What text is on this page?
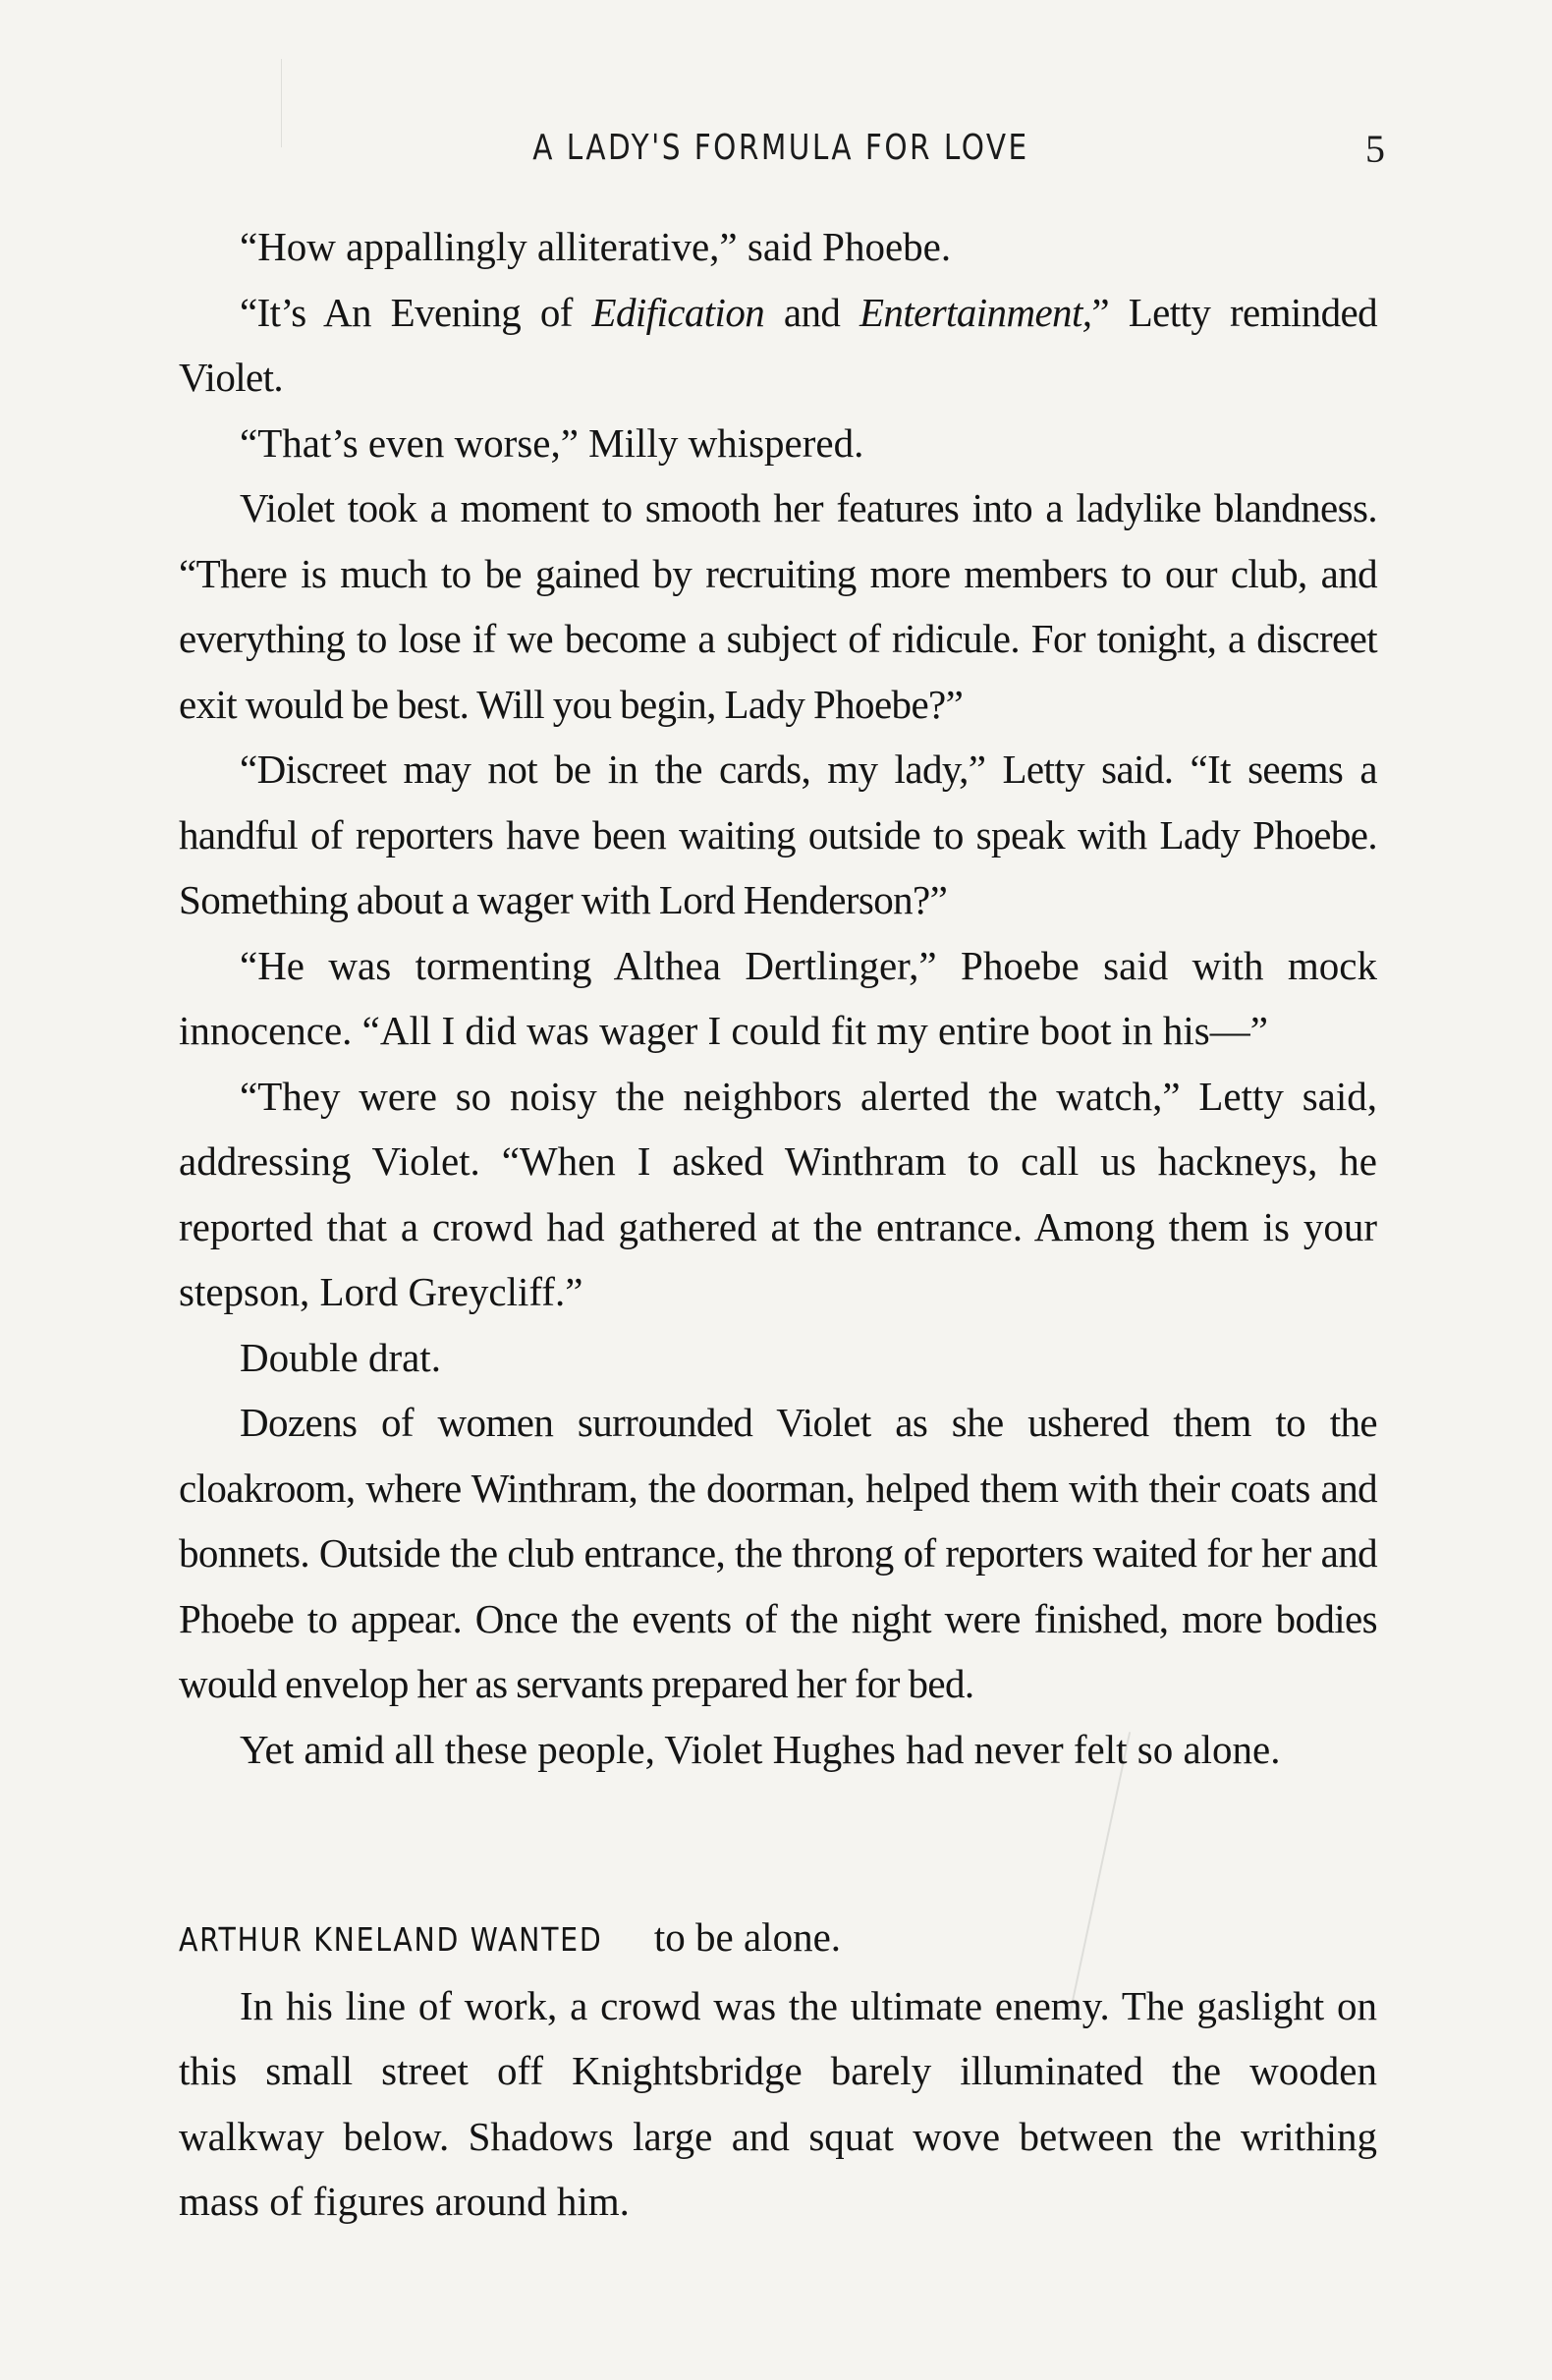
A LADY'S FORMULA FOR LOVE	5

“How appallingly alliterative,” said Phoebe.

“It’s An Evening of Edification and Entertainment,” Letty reminded Violet.

“That’s even worse,” Milly whispered.

Violet took a moment to smooth her features into a ladylike blandness. “There is much to be gained by recruiting more members to our club, and everything to lose if we become a subject of ridicule. For tonight, a discreet exit would be best. Will you begin, Lady Phoebe?”

“Discreet may not be in the cards, my lady,” Letty said. “It seems a handful of reporters have been waiting outside to speak with Lady Phoebe. Something about a wager with Lord Henderson?”

“He was tormenting Althea Dertlinger,” Phoebe said with mock innocence. “All I did was wager I could fit my entire boot in his—”

“They were so noisy the neighbors alerted the watch,” Letty said, addressing Violet. “When I asked Winthram to call us hackneys, he reported that a crowd had gathered at the entrance. Among them is your stepson, Lord Greycliff.”

Double drat.

Dozens of women surrounded Violet as she ushered them to the cloakroom, where Winthram, the doorman, helped them with their coats and bonnets. Outside the club entrance, the throng of reporters waited for her and Phoebe to appear. Once the events of the night were finished, more bodies would envelop her as servants prepared her for bed.

Yet amid all these people, Violet Hughes had never felt so alone.

ARTHUR KNELAND WANTED to be alone.

In his line of work, a crowd was the ultimate enemy. The gaslight on this small street off Knightsbridge barely illuminated the wooden walkway below. Shadows large and squat wove between the writhing mass of figures around him.
